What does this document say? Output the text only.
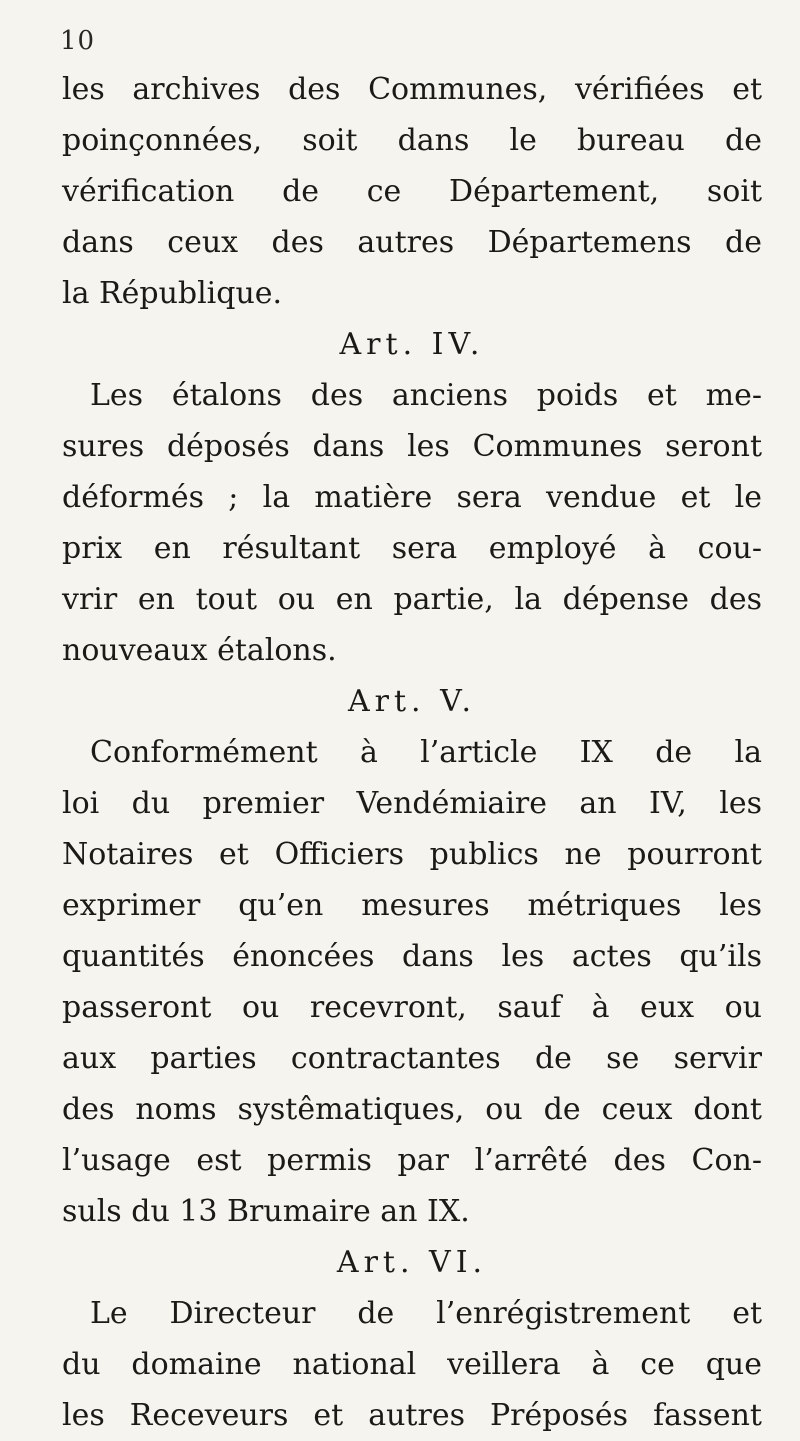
10
les archives des Communes, vérifiées et
poinçonnées, soit dans le bureau de
vérification de ce Département, soit
dans ceux des autres Départemens de
la République.
Art. IV.
Les étalons des anciens poids et me-
sures déposés dans les Communes seront
déformés ; la matière sera vendue et le
prix en résultant sera employé à cou-
vrir en tout ou en partie, la dépense des
nouveaux étalons.
Art. V.
Conformément à l’article IX de la
loi du premier Vendémiaire an IV, les
Notaires et Officiers publics ne pourront
exprimer qu’en mesures métriques les
quantités énoncées dans les actes qu’ils
passeront ou recevront, sauf à eux ou
aux parties contractantes de se servir
des noms systêmatiques, ou de ceux dont
l’usage est permis par l’arrêté des Con-
suls du 13 Brumaire an IX.
Art. VI.
Le Directeur de l’enrégistrement et
du domaine national veillera à ce que
les Receveurs et autres Préposés fassent
